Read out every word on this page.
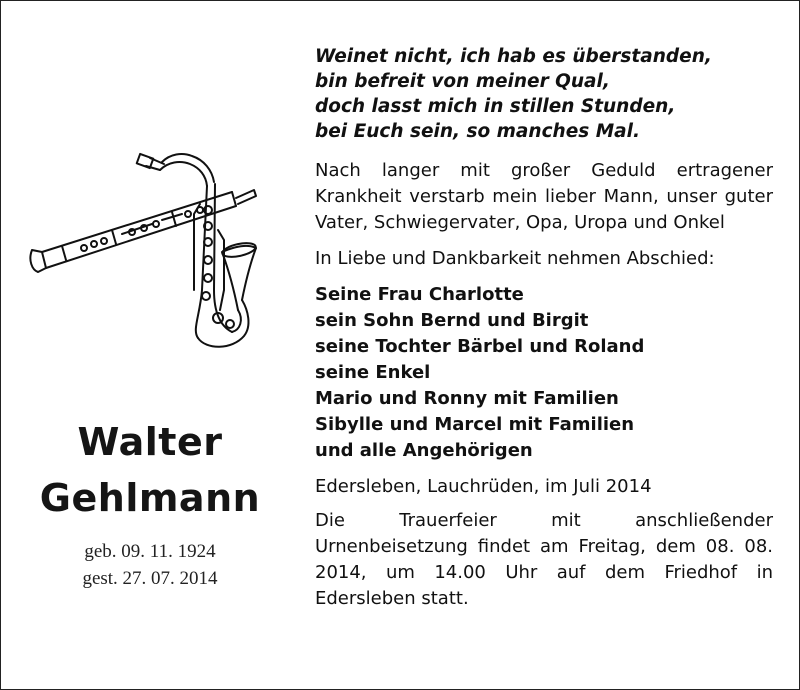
Walter
Gehlmann
geb. 09. 11. 1924
gest. 27. 07. 2014
Weinet nicht, ich hab es überstanden,
bin befreit von meiner Qual,
doch lasst mich in stillen Stunden,
bei Euch sein, so manches Mal.

Nach langer mit großer Geduld ertragener Krankheit verstarb mein lieber Mann, unser guter Vater, Schwiegervater, Opa, Uropa und Onkel

In Liebe und Dankbarkeit nehmen Abschied:

Seine Frau Charlotte
sein Sohn Bernd und Birgit
seine Tochter Bärbel und Roland
seine Enkel
Mario und Ronny mit Familien
Sibylle und Marcel mit Familien
und alle Angehörigen
Edersleben, Lauchrüden, im Juli 2014

Die Trauerfeier mit anschließender Urnenbeisetzung findet am Freitag, dem 08. 08. 2014, um 14.00 Uhr auf dem Friedhof in Edersleben statt.
